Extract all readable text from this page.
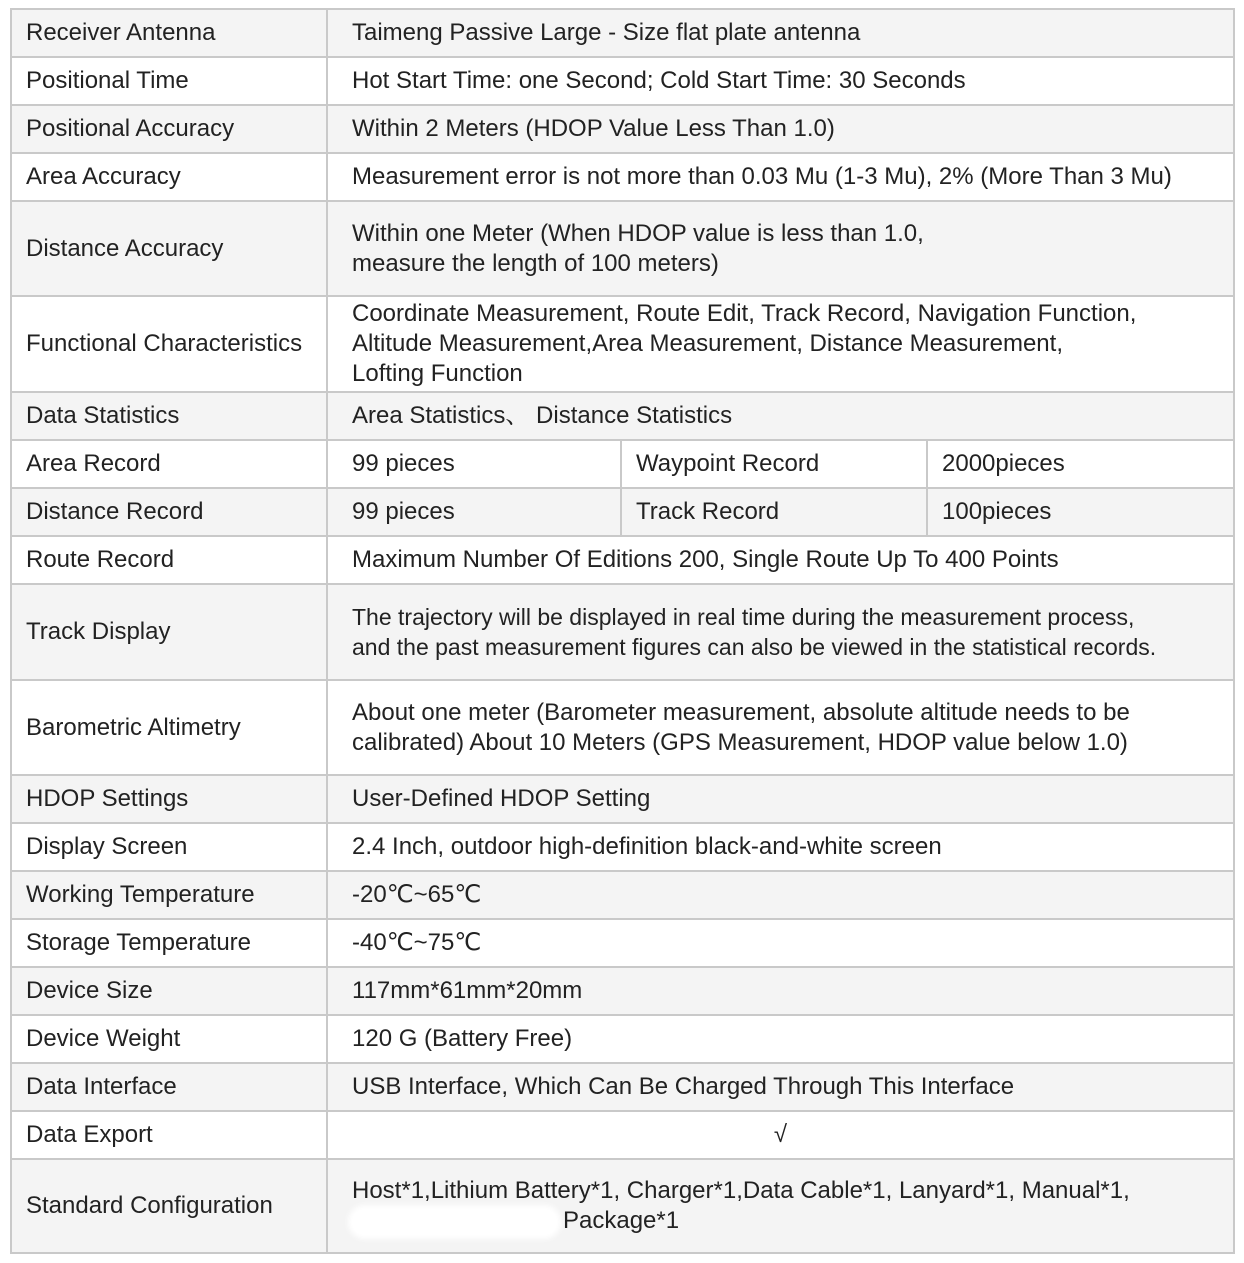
Receiver Antenna	Taimeng Passive Large - Size flat plate antenna		
Positional Time	Hot Start Time: one Second; Cold Start Time: 30 Seconds		
Positional Accuracy	Within 2 Meters (HDOP Value Less Than 1.0)		
Area Accuracy	Measurement error is not more than 0.03 Mu (1-3 Mu), 2% (More Than 3 Mu)		
Distance Accuracy	Within one Meter (When HDOP value is less than 1.0,
measure the length of 100 meters)		

Functional Characteristics	Coordinate Measurement, Route Edit, Track Record, Navigation Function,
Altitude Measurement,Area Measurement, Distance Measurement,
Lofting Function		

Data Statistics	Area Statistics、 Distance Statistics		
Area Record	99 pieces	Waypoint Record	2000pieces
Distance Record	99 pieces	Track Record	100pieces
Route Record	Maximum Number Of Editions 200, Single Route Up To 400 Points		
Track Display	The trajectory will be displayed in real time during the measurement process,
and the past measurement figures can also be viewed in the statistical records.		

Barometric Altimetry	About one meter (Barometer measurement, absolute altitude needs to be
calibrated) About 10 Meters (GPS Measurement, HDOP value below 1.0)		

HDOP Settings	User-Defined HDOP Setting		
Display Screen	2.4 Inch, outdoor high-definition black-and-white screen		
Working Temperature	-20℃~65℃		
Storage Temperature	-40℃~75℃		
Device Size	117mm*61mm*20mm		
Device Weight	120 G (Battery Free)		
Data Interface	USB Interface, Which Can Be Charged Through This Interface		
Data Export	√		
Standard Configuration	Host*1,Lithium Battery*1, Charger*1,Data Cable*1, Lanyard*1, Manual*1,
Package*1		
